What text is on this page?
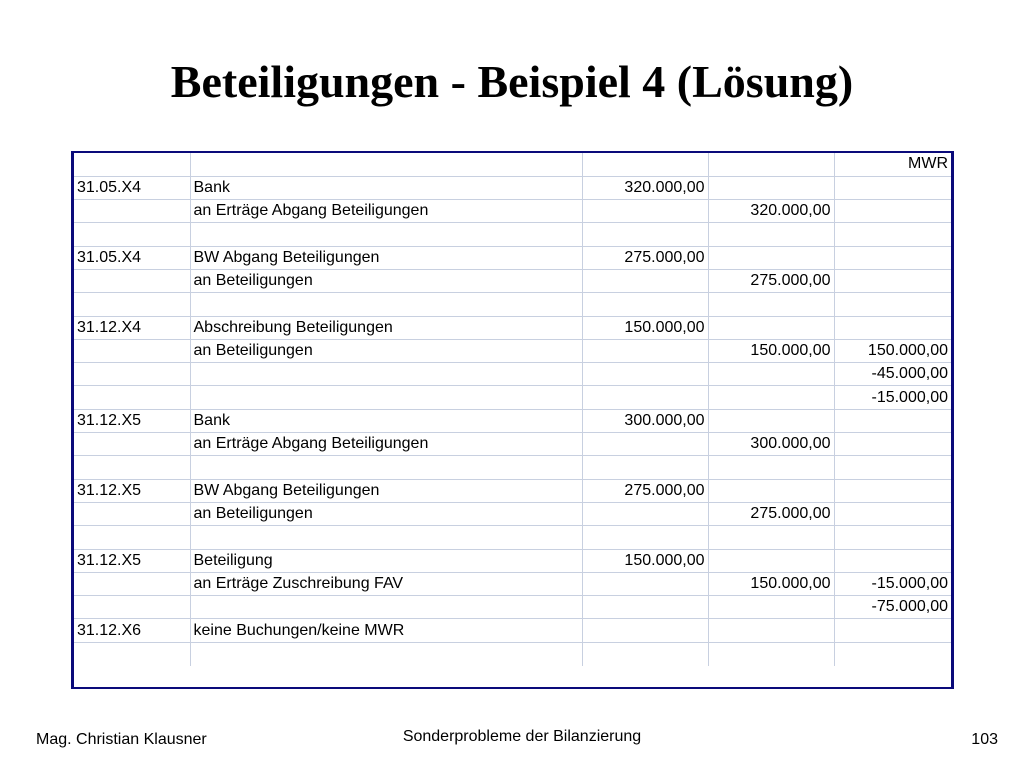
Beteiligungen - Beispiel 4 (Lösung)
				MWR
31.05.X4	Bank	320.000,00		
	an Erträge Abgang Beteiligungen		320.000,00	

31.05.X4	BW Abgang Beteiligungen	275.000,00		
	an Beteiligungen		275.000,00	

31.12.X4	Abschreibung Beteiligungen	150.000,00		
	an Beteiligungen		150.000,00	150.000,00
				-45.000,00
				-15.000,00
31.12.X5	Bank	300.000,00		
	an Erträge Abgang Beteiligungen		300.000,00	

31.12.X5	BW Abgang Beteiligungen	275.000,00		
	an Beteiligungen		275.000,00	

31.12.X5	Beteiligung	150.000,00		
	an Erträge Zuschreibung FAV		150.000,00	-15.000,00
				-75.000,00
31.12.X6	keine Buchungen/keine MWR			

Mag. Christian Klausner	Sonderprobleme der Bilanzierung	103
